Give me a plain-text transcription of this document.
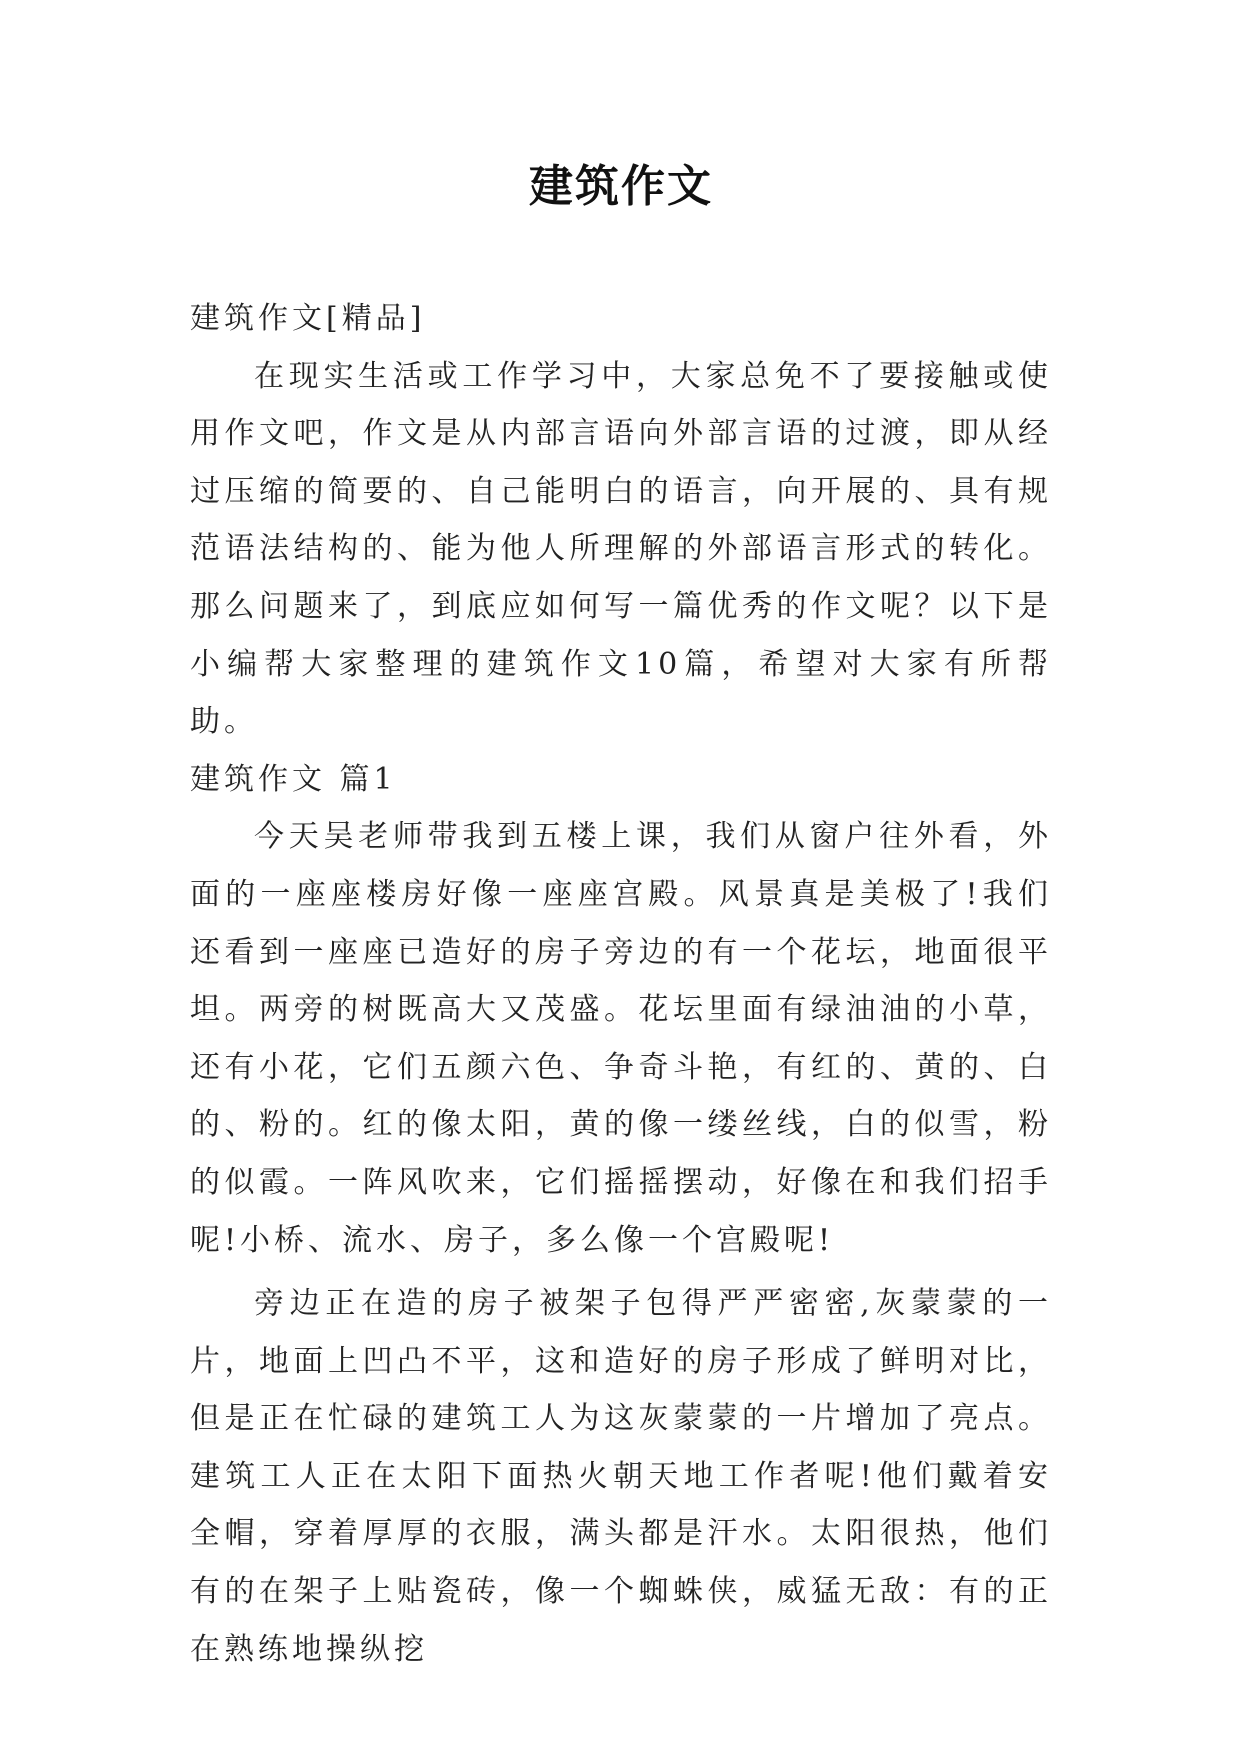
建筑作文

建筑作文[精品]

在现实生活或工作学习中，大家总免不了要接触或使用作文吧，作文是从内部言语向外部言语的过渡，即从经过压缩的简要的、自己能明白的语言，向开展的、具有规范语法结构的、能为他人所理解的外部语言形式的转化。那么问题来了，到底应如何写一篇优秀的作文呢？以下是小编帮大家整理的建筑作文10篇，希望对大家有所帮助。

建筑作文 篇1

今天吴老师带我到五楼上课，我们从窗户往外看，外面的一座座楼房好像一座座宫殿。风景真是美极了!我们还看到一座座已造好的房子旁边的有一个花坛，地面很平坦。两旁的树既高大又茂盛。花坛里面有绿油油的小草，还有小花，它们五颜六色、争奇斗艳，有红的、黄的、白的、粉的。红的像太阳，黄的像一缕丝线，白的似雪，粉的似霞。一阵风吹来，它们摇摇摆动，好像在和我们招手呢!小桥、流水、房子，多么像一个宫殿呢!

旁边正在造的房子被架子包得严严密密,灰蒙蒙的一片，地面上凹凸不平，这和造好的房子形成了鲜明对比，但是正在忙碌的建筑工人为这灰蒙蒙的一片增加了亮点。建筑工人正在太阳下面热火朝天地工作者呢!他们戴着安全帽，穿着厚厚的衣服，满头都是汗水。太阳很热，他们有的在架子上贴瓷砖，像一个蜘蛛侠，威猛无敌：有的正在熟练地操纵挖
